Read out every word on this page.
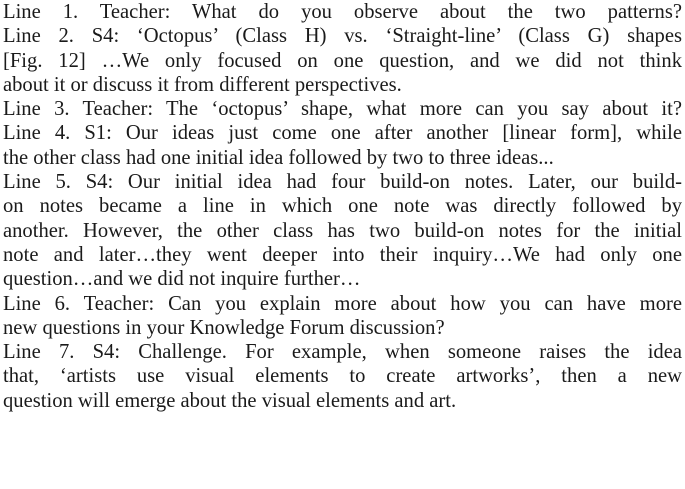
Line 1. Teacher: What do you observe about the two patterns?
Line 2. S4: ‘Octopus’ (Class H) vs. ‘Straight-line’ (Class G) shapes
[Fig. 12] …We only focused on one question, and we did not think
about it or discuss it from different perspectives.
Line 3. Teacher: The ‘octopus’ shape, what more can you say about it?
Line 4. S1: Our ideas just come one after another [linear form], while
the other class had one initial idea followed by two to three ideas...
Line 5. S4: Our initial idea had four build-on notes. Later, our build-
on notes became a line in which one note was directly followed by
another. However, the other class has two build-on notes for the initial
note and later…they went deeper into their inquiry…We had only one
question…and we did not inquire further…
Line 6. Teacher: Can you explain more about how you can have more
new questions in your Knowledge Forum discussion?
Line 7. S4: Challenge. For example, when someone raises the idea
that, ‘artists use visual elements to create artworks’, then a new
question will emerge about the visual elements and art.
